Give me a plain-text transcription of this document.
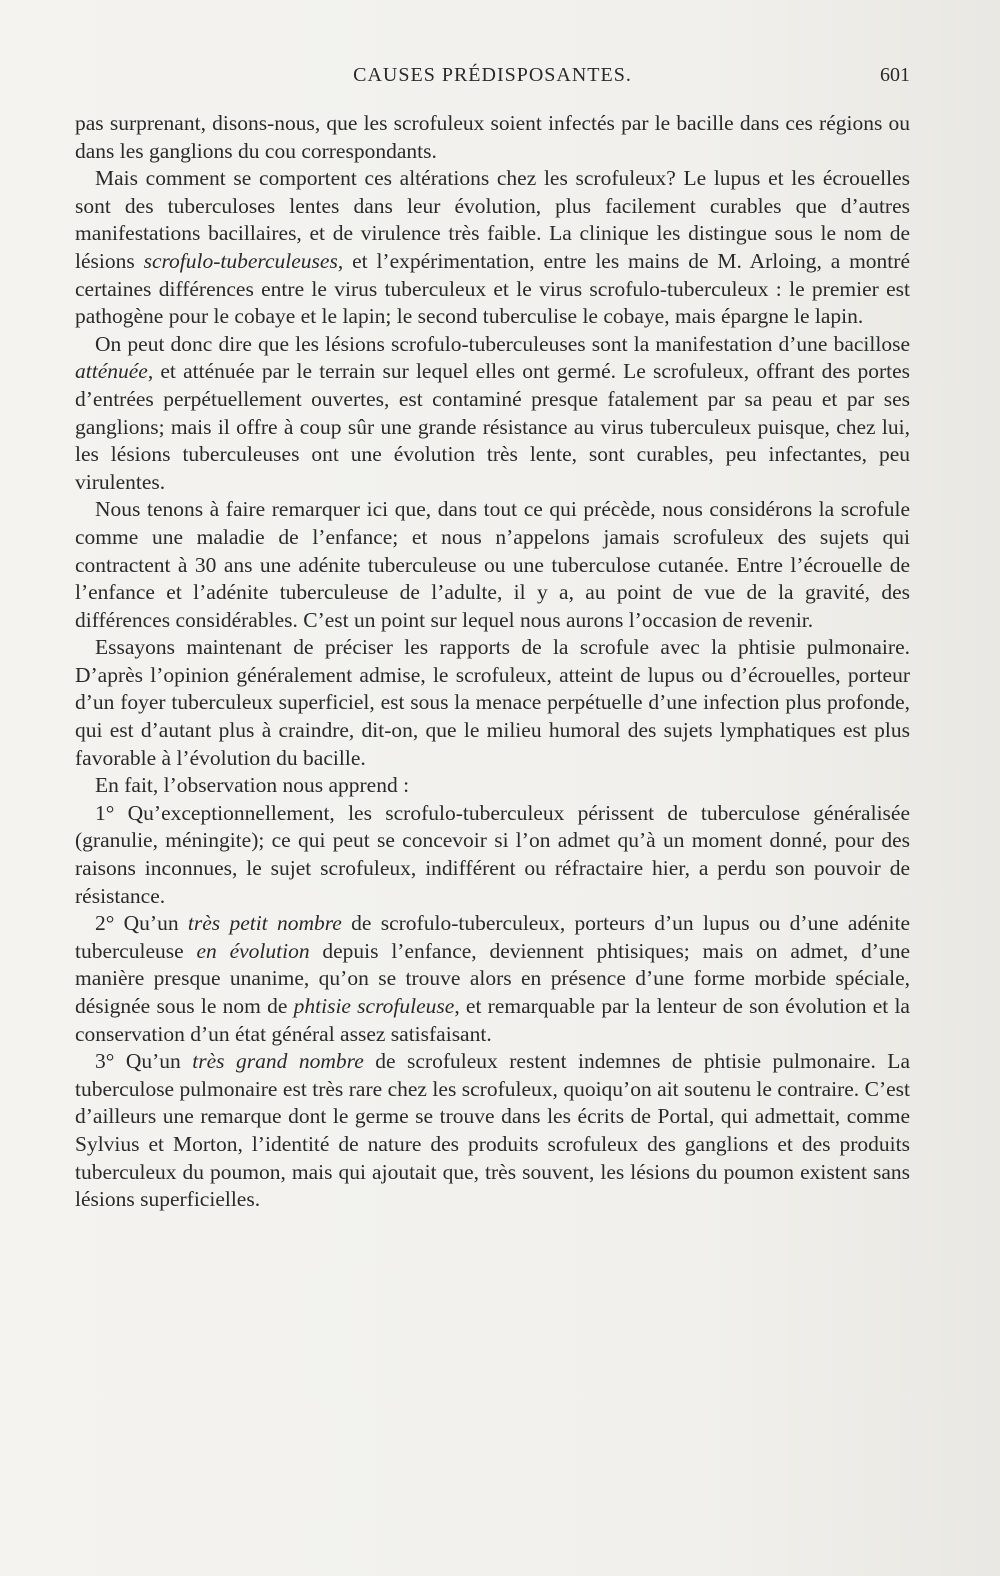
CAUSES PRÉDISPOSANTES.	601

pas surprenant, disons-nous, que les scrofuleux soient infectés par le bacille dans ces régions ou dans les ganglions du cou correspondants.

Mais comment se comportent ces altérations chez les scrofuleux? Le lupus et les écrouelles sont des tuberculoses lentes dans leur évolution, plus facilement curables que d’autres manifestations bacillaires, et de virulence très faible. La clinique les distingue sous le nom de lésions scrofulo-tuberculeuses, et l’expérimentation, entre les mains de M. Arloing, a montré certaines différences entre le virus tuberculeux et le virus scrofulo-tuberculeux : le premier est pathogène pour le cobaye et le lapin; le second tuberculise le cobaye, mais épargne le lapin.

On peut donc dire que les lésions scrofulo-tuberculeuses sont la manifestation d’une bacillose atténuée, et atténuée par le terrain sur lequel elles ont germé. Le scrofuleux, offrant des portes d’entrées perpétuellement ouvertes, est contaminé presque fatalement par sa peau et par ses ganglions; mais il offre à coup sûr une grande résistance au virus tuberculeux puisque, chez lui, les lésions tuberculeuses ont une évolution très lente, sont curables, peu infectantes, peu virulentes.

Nous tenons à faire remarquer ici que, dans tout ce qui précède, nous considérons la scrofule comme une maladie de l’enfance; et nous n’appelons jamais scrofuleux des sujets qui contractent à 30 ans une adénite tuberculeuse ou une tuberculose cutanée. Entre l’écrouelle de l’enfance et l’adénite tuberculeuse de l’adulte, il y a, au point de vue de la gravité, des différences considérables. C’est un point sur lequel nous aurons l’occasion de revenir.

Essayons maintenant de préciser les rapports de la scrofule avec la phtisie pulmonaire. D’après l’opinion généralement admise, le scrofuleux, atteint de lupus ou d’écrouelles, porteur d’un foyer tuberculeux superficiel, est sous la menace perpétuelle d’une infection plus profonde, qui est d’autant plus à craindre, dit-on, que le milieu humoral des sujets lymphatiques est plus favorable à l’évolution du bacille.

En fait, l’observation nous apprend :

1° Qu’exceptionnellement, les scrofulo-tuberculeux périssent de tuberculose généralisée (granulie, méningite); ce qui peut se concevoir si l’on admet qu’à un moment donné, pour des raisons inconnues, le sujet scrofuleux, indifférent ou réfractaire hier, a perdu son pouvoir de résistance.

2° Qu’un très petit nombre de scrofulo-tuberculeux, porteurs d’un lupus ou d’une adénite tuberculeuse en évolution depuis l’enfance, deviennent phtisiques; mais on admet, d’une manière presque unanime, qu’on se trouve alors en présence d’une forme morbide spéciale, désignée sous le nom de phtisie scrofuleuse, et remarquable par la lenteur de son évolution et la conservation d’un état général assez satisfaisant.

3° Qu’un très grand nombre de scrofuleux restent indemnes de phtisie pulmonaire. La tuberculose pulmonaire est très rare chez les scrofuleux, quoiqu’on ait soutenu le contraire. C’est d’ailleurs une remarque dont le germe se trouve dans les écrits de Portal, qui admettait, comme Sylvius et Morton, l’identité de nature des produits scrofuleux des ganglions et des produits tuberculeux du poumon, mais qui ajoutait que, très souvent, les lésions du poumon existent sans lésions superficielles.
